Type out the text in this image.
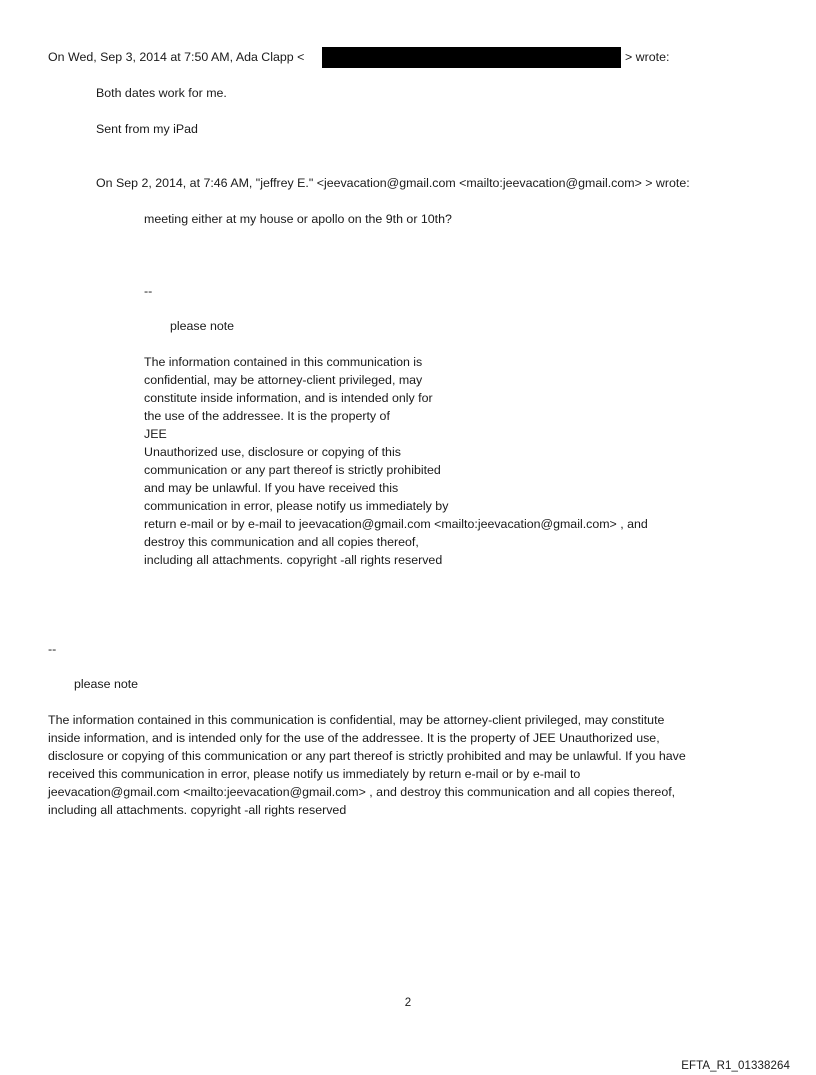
On Wed, Sep 3, 2014 at 7:50 AM, Ada Clapp <	> wrote:
Both dates work for me.
Sent from my iPad
On Sep 2, 2014, at 7:46 AM, "jeffrey E." <jeevacation@gmail.com <mailto:jeevacation@gmail.com> > wrote:
meeting either at my house or apollo on the 9th or 10th?
--
please note
The information contained in this communication is
confidential, may be attorney-client privileged, may
constitute inside information, and is intended only for
the use of the addressee. It is the property of
JEE
Unauthorized use, disclosure or copying of this
communication or any part thereof is strictly prohibited
and may be unlawful. If you have received this
communication in error, please notify us immediately by
return e-mail or by e-mail to jeevacation@gmail.com <mailto:jeevacation@gmail.com> , and
destroy this communication and all copies thereof,
including all attachments. copyright -all rights reserved
--
please note
The information contained in this communication is confidential, may be attorney-client privileged, may constitute
inside information, and is intended only for the use of the addressee. It is the property of JEE Unauthorized use,
disclosure or copying of this communication or any part thereof is strictly prohibited and may be unlawful. If you have
received this communication in error, please notify us immediately by return e-mail or by e-mail to
jeevacation@gmail.com <mailto:jeevacation@gmail.com> , and destroy this communication and all copies thereof,
including all attachments. copyright -all rights reserved
2
EFTA_R1_01338264
